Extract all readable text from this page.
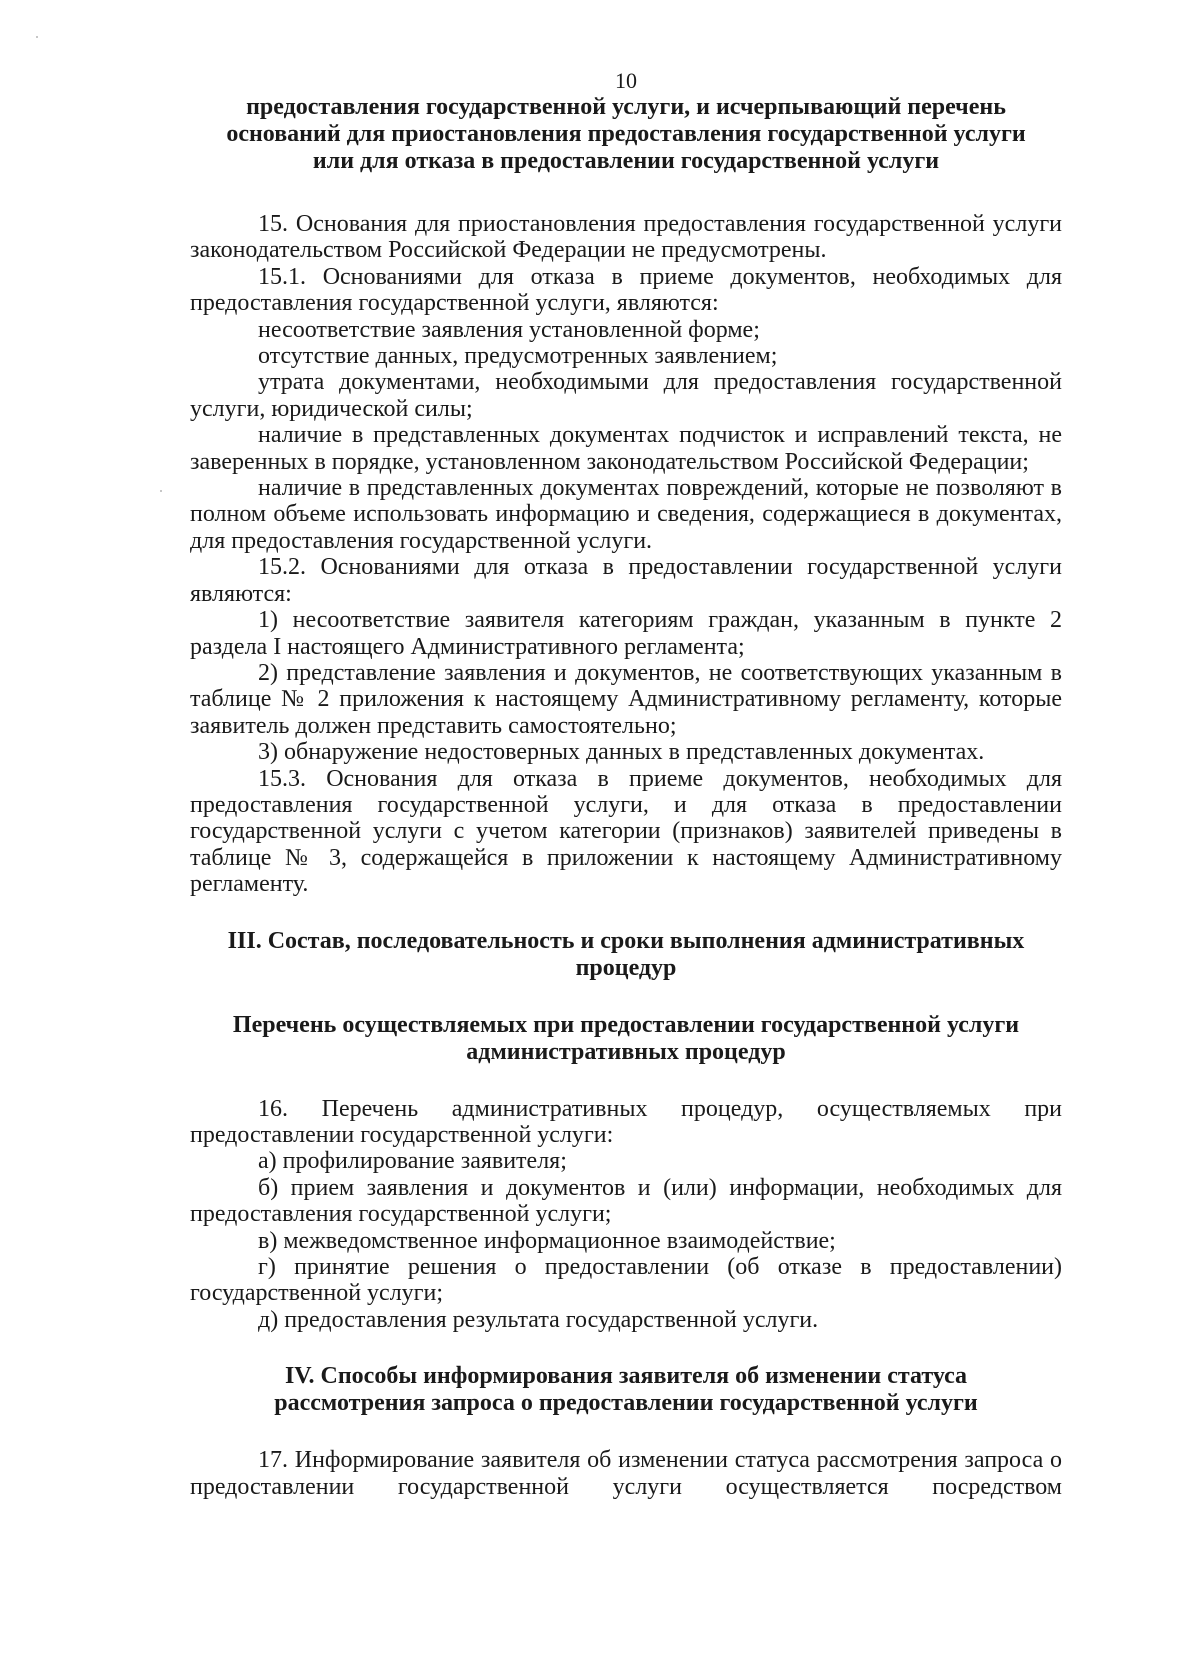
10
предоставления государственной услуги, и исчерпывающий перечень
оснований для приостановления предоставления государственной услуги
или для отказа в предоставлении государственной услуги
15. Основания для приостановления предоставления государственной услуги законодательством Российской Федерации не предусмотрены.
15.1. Основаниями для отказа в приеме документов, необходимых для предоставления государственной услуги, являются:
несоответствие заявления установленной форме;
отсутствие данных, предусмотренных заявлением;
утрата документами, необходимыми для предоставления государственной услуги, юридической силы;
наличие в представленных документах подчисток и исправлений текста, не заверенных в порядке, установленном законодательством Российской Федерации;
наличие в представленных документах повреждений, которые не позволяют в полном объеме использовать информацию и сведения, содержащиеся в документах, для предоставления государственной услуги.
15.2. Основаниями для отказа в предоставлении государственной услуги являются:
1) несоответствие заявителя категориям граждан, указанным в пункте 2 раздела I настоящего Административного регламента;
2) представление заявления и документов, не соответствующих указанным в таблице № 2 приложения к настоящему Административному регламенту, которые заявитель должен представить самостоятельно;
3) обнаружение недостоверных данных в представленных документах.
15.3. Основания для отказа в приеме документов, необходимых для предоставления государственной услуги, и для отказа в предоставлении государственной услуги с учетом категории (признаков) заявителей приведены в таблице № 3, содержащейся в приложении к настоящему Административному регламенту.
III. Состав, последовательность и сроки выполнения административных
процедур
Перечень осуществляемых при предоставлении государственной услуги
административных процедур
16. Перечень административных процедур, осуществляемых при предоставлении государственной услуги:
а) профилирование заявителя;
б) прием заявления и документов и (или) информации, необходимых для предоставления государственной услуги;
в) межведомственное информационное взаимодействие;
г) принятие решения о предоставлении (об отказе в предоставлении) государственной услуги;
д) предоставления результата государственной услуги.
IV. Способы информирования заявителя об изменении статуса
рассмотрения запроса о предоставлении государственной услуги
17. Информирование заявителя об изменении статуса рассмотрения запроса о предоставлении государственной услуги осуществляется посредством
